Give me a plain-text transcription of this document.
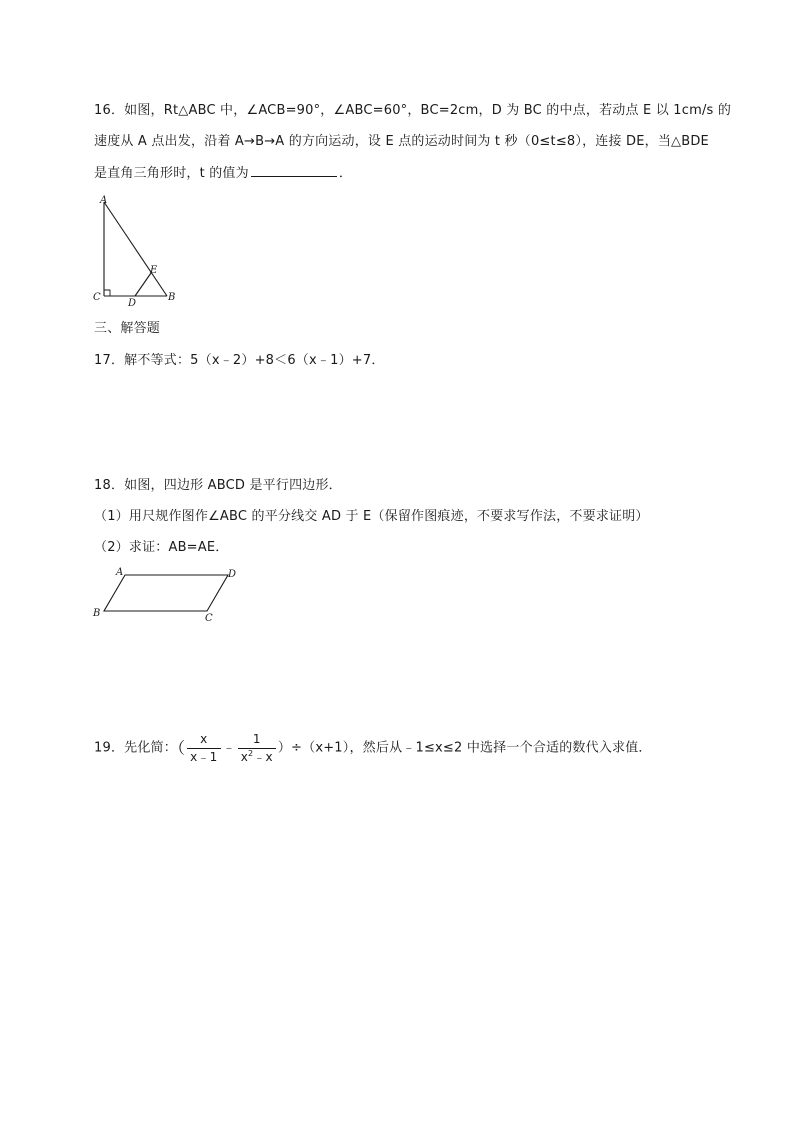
16．如图，Rt△ABC 中，∠ACB=90°，∠ABC=60°，BC=2cm，D 为 BC 的中点，若动点 E 以 1cm/s 的
速度从 A 点出发，沿着 A→B→A 的方向运动，设 E 点的运动时间为 t 秒（0≤t≤8），连接 DE，当△BDE
是直角三角形时，t 的值为	．
A
C
D
B
E
三、解答题
17．解不等式：5（x﹣2）+8＜6（x﹣1）+7．
18．如图，四边形 ABCD 是平行四边形．
（1）用尺规作图作∠ABC 的平分线交 AD 于 E（保留作图痕迹，不要求写作法，不要求证明）
（2）求证：AB=AE．
A	D
B	C
19．先化简：（ $\frac{x}{x﹣1}$ ﹣ $\frac{1}{x^2﹣x} )\div(x+1)$，然后从﹣1≤x≤2 中选择一个合适的数代入求值．
